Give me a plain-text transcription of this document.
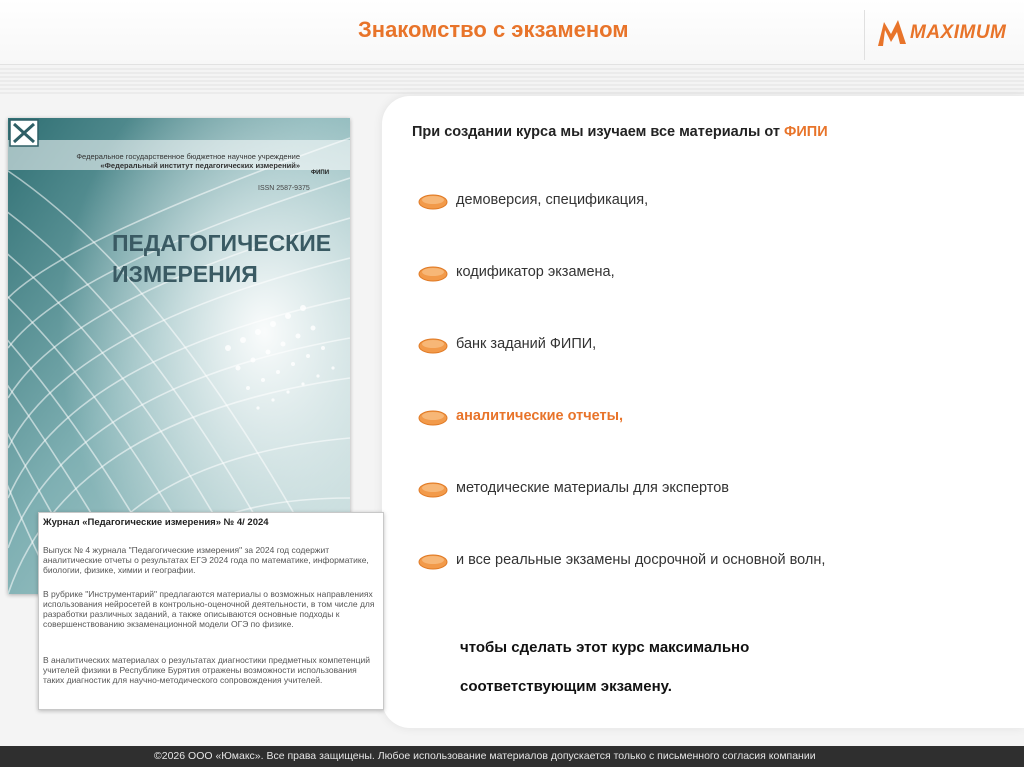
Знакомство с экзаменом	MAXIMUM
Федеральное государственное бюджетное научное учреждение
«Федеральный институт педагогических измерений»
ISSN 2587-9375
ФИПИ
ПЕДАГОГИЧЕСКИЕ
ИЗМЕРЕНИЯ
Журнал «Педагогические измерения» № 4/ 2024
Выпуск № 4 журнала "Педагогические измерения" за 2024 год содержит аналитические отчеты о результатах ЕГЭ 2024 года по математике, информатике, биологии, физике, химии и географии.
В рубрике "Инструментарий" предлагаются материалы о возможных направлениях использования нейросетей в контрольно-оценочной деятельности, в том числе для разработки различных заданий, а также описываются основные подходы к совершенствованию экзаменационной модели ОГЭ по физике.
В аналитических материалах о результатах диагностики предметных компетенций учителей физики в Республике Бурятия отражены возможности использования таких диагностик для научно-методического сопровождения учителей.
При создании курса мы изучаем все материалы от ФИПИ
демоверсия, спецификация,
кодификатор экзамена,
банк заданий ФИПИ,
аналитические отчеты,
методические материалы для экспертов
и все реальные экзамены досрочной и основной волн,
чтобы сделать этот курс максимально
соответствующим экзамену.
©2026 ООО «Юмакс». Все права защищены. Любое использование материалов допускается только с письменного согласия компании
